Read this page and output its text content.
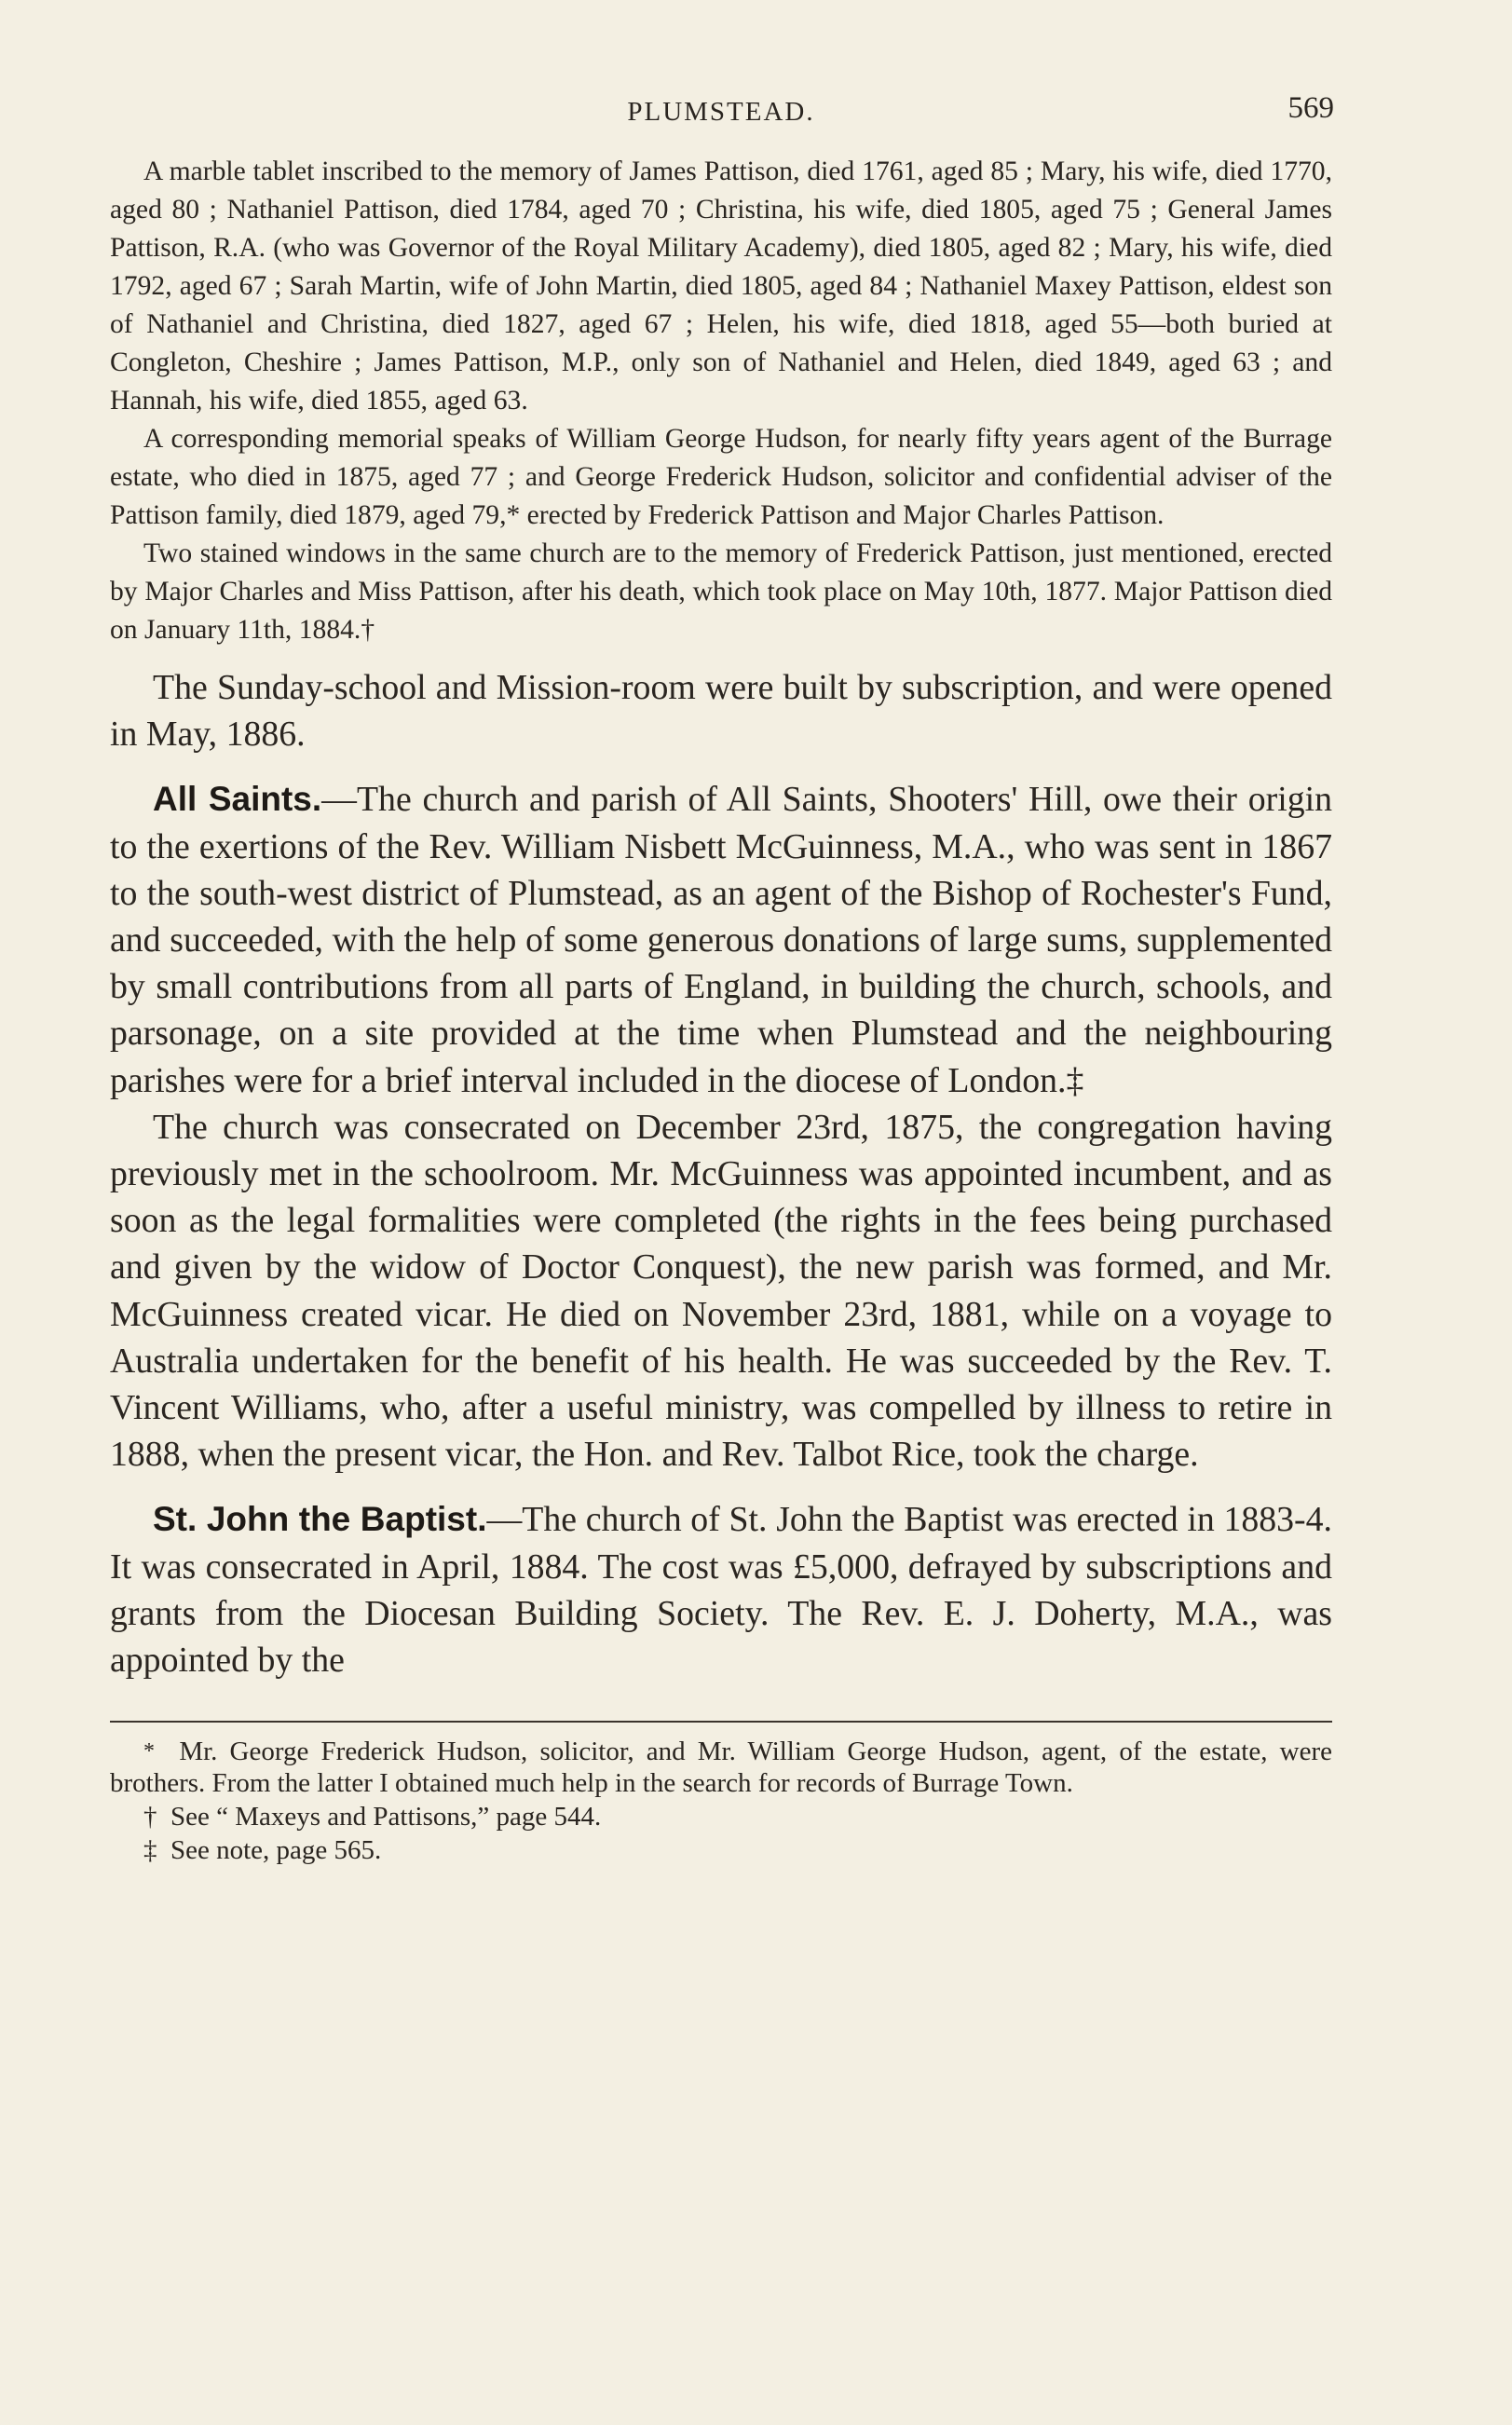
PLUMSTEAD.	569

A marble tablet inscribed to the memory of James Pattison, died 1761, aged 85 ; Mary, his wife, died 1770, aged 80 ; Nathaniel Pattison, died 1784, aged 70 ; Christina, his wife, died 1805, aged 75 ; General James Pattison, R.A. (who was Governor of the Royal Military Academy), died 1805, aged 82 ; Mary, his wife, died 1792, aged 67 ; Sarah Martin, wife of John Martin, died 1805, aged 84 ; Nathaniel Maxey Pattison, eldest son of Nathaniel and Christina, died 1827, aged 67 ; Helen, his wife, died 1818, aged 55—both buried at Congleton, Cheshire ; James Pattison, M.P., only son of Nathaniel and Helen, died 1849, aged 63 ; and Hannah, his wife, died 1855, aged 63.

A corresponding memorial speaks of William George Hudson, for nearly fifty years agent of the Burrage estate, who died in 1875, aged 77 ; and George Frederick Hudson, solicitor and confidential adviser of the Pattison family, died 1879, aged 79,* erected by Frederick Pattison and Major Charles Pattison.

Two stained windows in the same church are to the memory of Frederick Pattison, just mentioned, erected by Major Charles and Miss Pattison, after his death, which took place on May 10th, 1877. Major Pattison died on January 11th, 1884.†

The Sunday-school and Mission-room were built by subscription, and were opened in May, 1886.

All Saints.—The church and parish of All Saints, Shooters' Hill, owe their origin to the exertions of the Rev. William Nisbett McGuinness, M.A., who was sent in 1867 to the south-west district of Plumstead, as an agent of the Bishop of Rochester's Fund, and succeeded, with the help of some generous donations of large sums, supplemented by small contributions from all parts of England, in building the church, schools, and parsonage, on a site provided at the time when Plumstead and the neighbouring parishes were for a brief interval included in the diocese of London.‡

The church was consecrated on December 23rd, 1875, the congregation having previously met in the schoolroom. Mr. McGuinness was appointed incumbent, and as soon as the legal formalities were completed (the rights in the fees being purchased and given by the widow of Doctor Conquest), the new parish was formed, and Mr. McGuinness created vicar. He died on November 23rd, 1881, while on a voyage to Australia undertaken for the benefit of his health. He was succeeded by the Rev. T. Vincent Williams, who, after a useful ministry, was compelled by illness to retire in 1888, when the present vicar, the Hon. and Rev. Talbot Rice, took the charge.

St. John the Baptist.—The church of St. John the Baptist was erected in 1883-4. It was consecrated in April, 1884. The cost was £5,000, defrayed by subscriptions and grants from the Diocesan Building Society. The Rev. E. J. Doherty, M.A., was appointed by the

* Mr. George Frederick Hudson, solicitor, and Mr. William George Hudson, agent, of the estate, were brothers. From the latter I obtained much help in the search for records of Burrage Town.

† See “ Maxeys and Pattisons,” page 544.

‡ See note, page 565.
